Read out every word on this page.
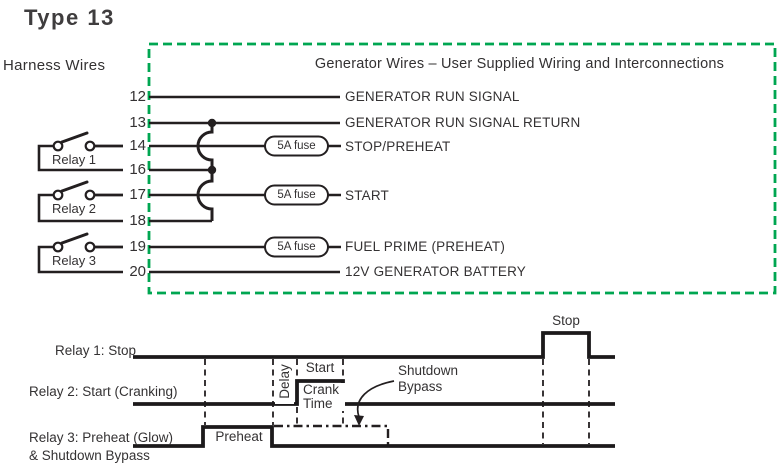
Type 13
Harness Wires	Generator Wires – User Supplied Wiring and Interconnections
12
13
14
16
17
18
19
20
GENERATOR RUN SIGNAL
GENERATOR RUN SIGNAL RETURN
STOP/PREHEAT
START
FUEL PRIME (PREHEAT)
12V GENERATOR BATTERY
5A fuse
5A fuse
5A fuse
Relay 1
Relay 2
Relay 3
Relay 1: Stop
Relay 2: Start (Cranking)
Relay 3: Preheat (Glow)
& Shutdown Bypass
Stop
Delay	Start
Crank
Time
Preheat
Shutdown
Bypass
